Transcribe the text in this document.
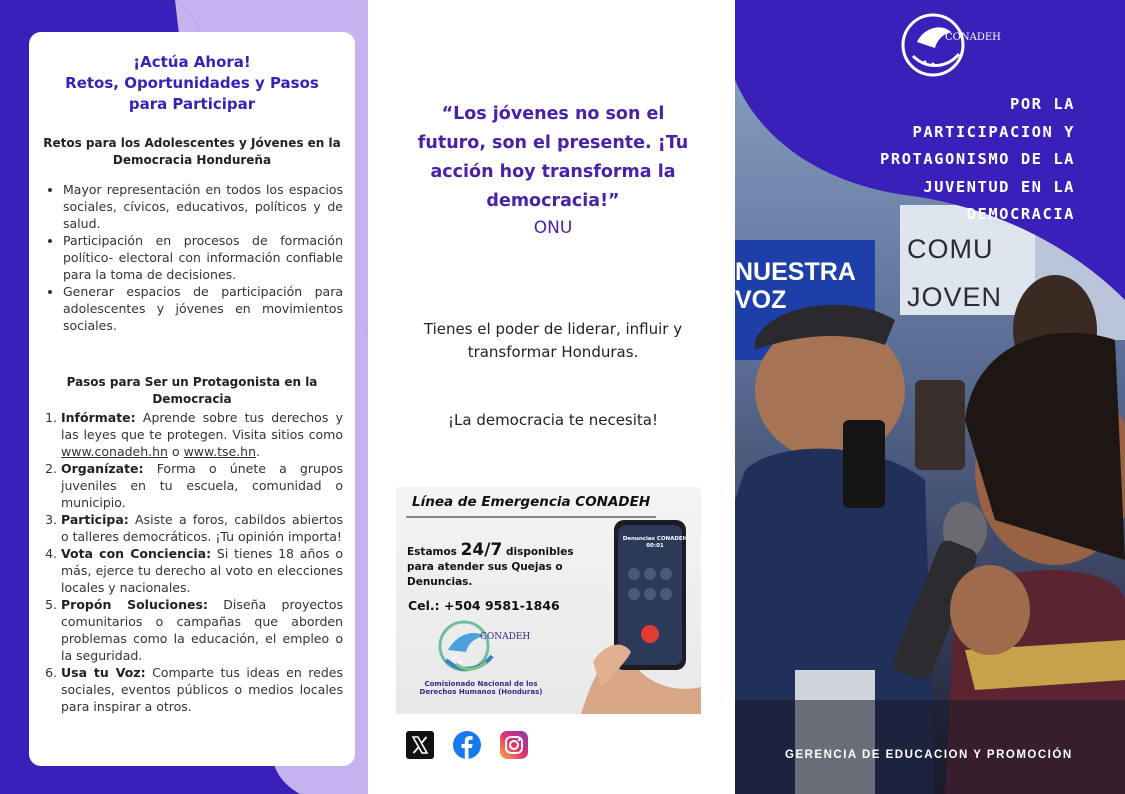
¡Actúa Ahora!
Retos, Oportunidades y Pasos
para Participar
Retos para los Adolescentes y Jóvenes en la
Democracia Hondureña
• Mayor representación en todos los espacios sociales, cívicos, educativos, políticos y de salud.
• Participación en procesos de formación político- electoral con información confiable para la toma de decisiones.
• Generar espacios de participación para adolescentes y jóvenes en movimientos sociales.
Pasos para Ser un Protagonista en la
Democracia
1. Infórmate: Aprende sobre tus derechos y las leyes que te protegen. Visita sitios como www.conadeh.hn o www.tse.hn.
2. Organízate: Forma o únete a grupos juveniles en tu escuela, comunidad o municipio.
3. Participa: Asiste a foros, cabildos abiertos o talleres democráticos. ¡Tu opinión importa!
4. Vota con Conciencia: Si tienes 18 años o más, ejerce tu derecho al voto en elecciones locales y nacionales.
5. Propón Soluciones: Diseña proyectos comunitarios o campañas que aborden problemas como la educación, el empleo o la seguridad.
6. Usa tu Voz: Comparte tus ideas en redes sociales, eventos públicos o medios locales para inspirar a otros.
“Los jóvenes no son el futuro, son el presente. ¡Tu acción hoy transforma la democracia!”
ONU
Tienes el poder de liderar, influir y transformar Honduras.
¡La democracia te necesita!
Línea de Emergencia CONADEH
Estamos 24/7 disponibles para atender sus Quejas o Denuncias.
Cel.: +504 9581-1846
CONADEH
Comisionado Nacional de los Derechos Humanos (Honduras)
Denuncias CONADEH 00:01
CONADEH
POR LA
PARTICIPACION Y
PROTAGONISMO DE LA
JUVENTUD EN LA
DEMOCRACIA
NUESTRA
VOZ
COMU
JOVEN
GERENCIA DE EDUCACION Y PROMOCIÓN
